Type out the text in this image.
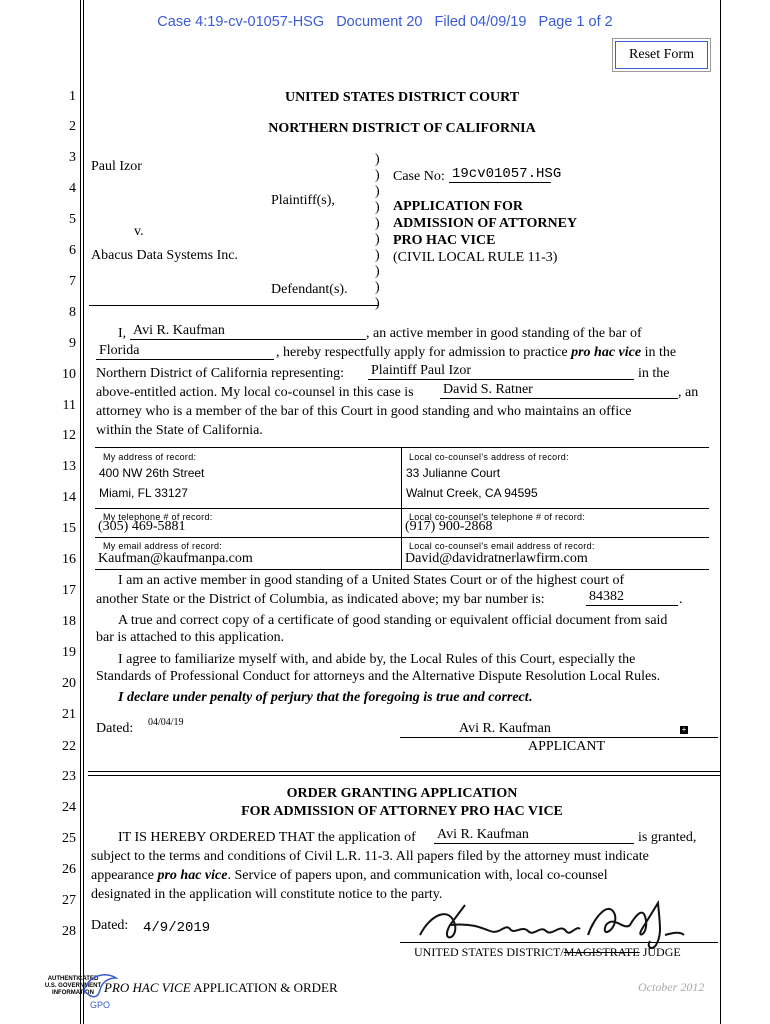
Case 4:19-cv-01057-HSG   Document 20   Filed 04/09/19   Page 1 of 2
Reset Form
1
2
3
4
5
6
7
8
9
10
11
12
13
14
15
16
17
18
19
20
21
22
23
24
25
26
27
28
UNITED STATES DISTRICT COURT
NORTHERN DISTRICT OF CALIFORNIA
Paul Izor
Plaintiff(s),
v.
Abacus Data Systems Inc.
Defendant(s).
)
)
)
)
)
)
)
)
)
)
Case No: 19cv01057.HSG
APPLICATION FOR
ADMISSION OF ATTORNEY
PRO HAC VICE
(CIVIL LOCAL RULE 11-3)
I, Avi R. Kaufman	, an active member in good standing of the bar of
Florida	, hereby respectfully apply for admission to practice pro hac vice in the
Northern District of California representing: Plaintiff Paul Izor	in the
above-entitled action. My local co-counsel in this case is David S. Ratner	, an
attorney who is a member of the bar of this Court in good standing and who maintains an office
within the State of California.
My address of record:
400 NW 26th Street
Miami, FL 33127
Local co-counsel's address of record:
33 Julianne Court
Walnut Creek, CA 94595
My telephone # of record:
(305) 469-5881
Local co-counsel's telephone # of record:
(917) 900-2868
My email address of record:
Kaufman@kaufmanpa.com
Local co-counsel's email address of record:
David@davidratnerlawfirm.com
I am an active member in good standing of a United States Court or of the highest court of
another State or the District of Columbia, as indicated above; my bar number is:	84382	.
A true and correct copy of a certificate of good standing or equivalent official document from said
bar is attached to this application.
I agree to familiarize myself with, and abide by, the Local Rules of this Court, especially the
Standards of Professional Conduct for attorneys and the Alternative Dispute Resolution Local Rules.
I declare under penalty of perjury that the foregoing is true and correct.
Dated: 04/04/19	Avi R. Kaufman	+
APPLICANT
ORDER GRANTING APPLICATION
FOR ADMISSION OF ATTORNEY PRO HAC VICE
IT IS HEREBY ORDERED THAT the application of Avi R. Kaufman	is granted,
subject to the terms and conditions of Civil L.R. 11-3. All papers filed by the attorney must indicate
appearance pro hac vice. Service of papers upon, and communication with, local co-counsel
designated in the application will constitute notice to the party.
Dated: 4/9/2019
UNITED STATES DISTRICT/MAGISTRATE JUDGE
AUTHENTICATED
U.S. GOVERNMENT
INFORMATION
GPO
PRO HAC VICE APPLICATION & ORDER	October 2012
